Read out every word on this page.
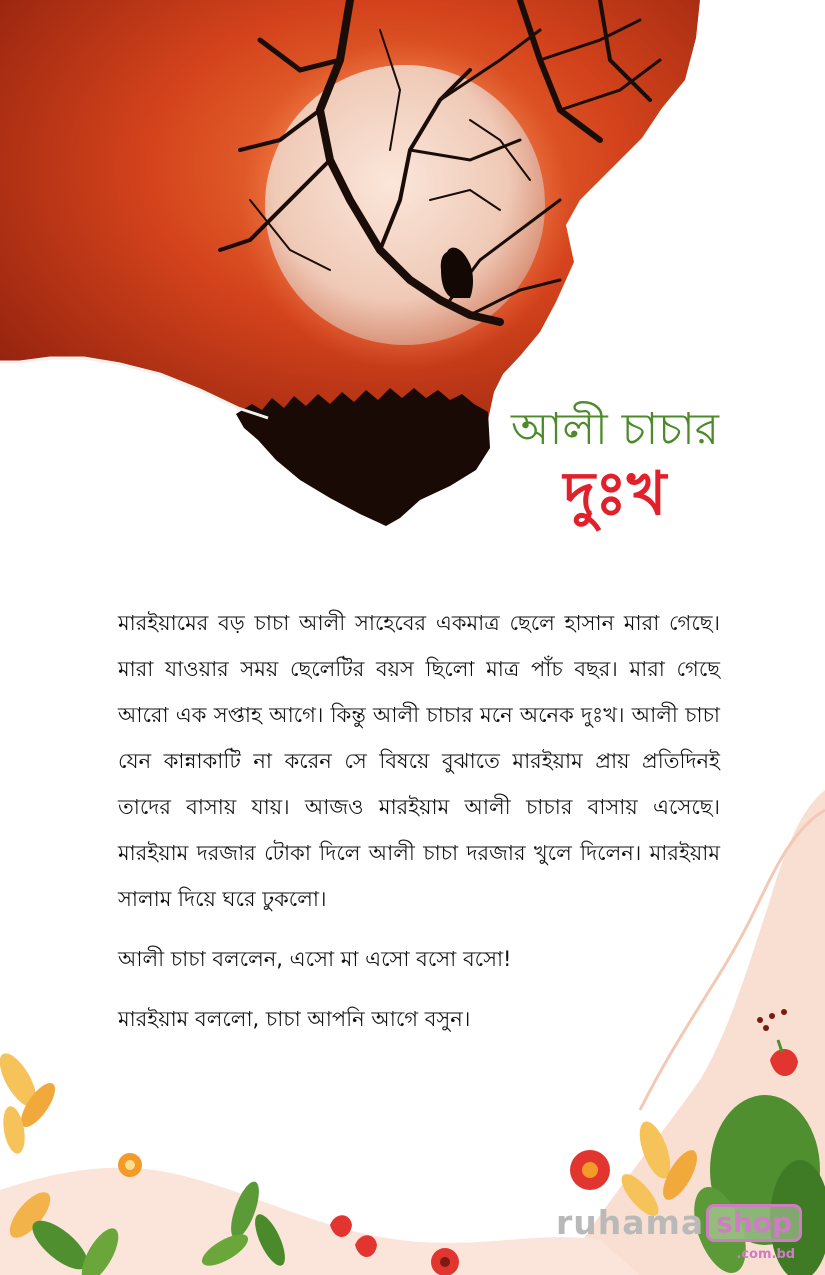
আলী চাচার
দুঃখ

মারইয়ামের বড় চাচা আলী সাহেবের একমাত্র ছেলে হাসান মারা গেছে। মারা যাওয়ার সময় ছেলেটির বয়স ছিলো মাত্র পাঁচ বছর। মারা গেছে আরো এক সপ্তাহ আগে। কিন্তু আলী চাচার মনে অনেক দুঃখ। আলী চাচা যেন কান্নাকাটি না করেন সে বিষয়ে বুঝাতে মারইয়াম প্রায় প্রতিদিনই তাদের বাসায় যায়। আজও মারইয়াম আলী চাচার বাসায় এসেছে। মারইয়াম দরজার টোকা দিলে আলী চাচা দরজার খুলে দিলেন। মারইয়াম সালাম দিয়ে ঘরে ঢুকলো।

আলী চাচা বললেন, এসো মা এসো বসো বসো!

মারইয়াম বললো, চাচা আপনি আগে বসুন।

ruhama shop
.com.bd
